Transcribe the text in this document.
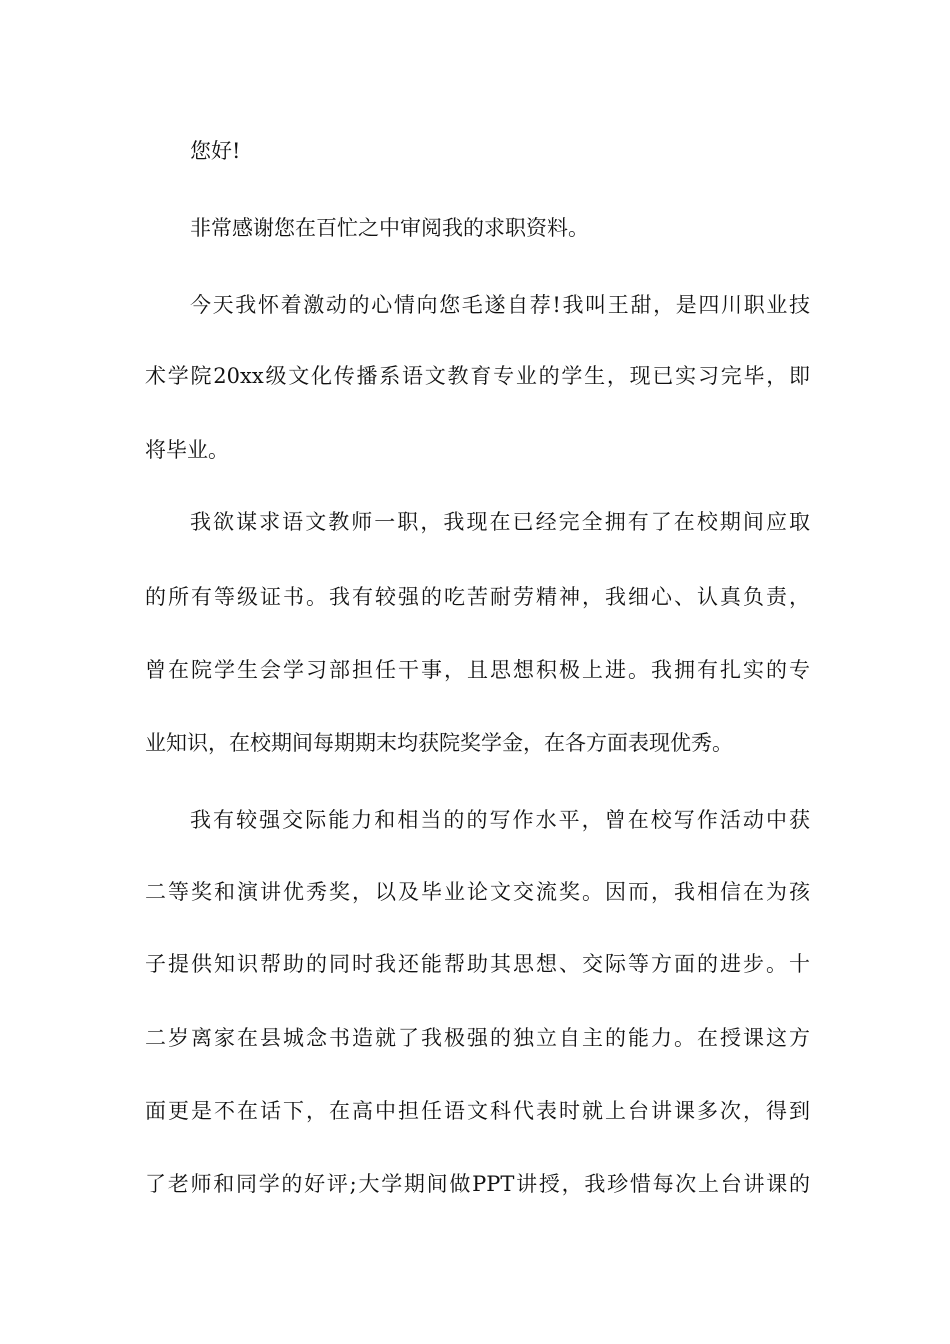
您好!
非常感谢您在百忙之中审阅我的求职资料。
今天我怀着激动的心情向您毛遂自荐!我叫王甜，是四川职业技
术学院20xx级文化传播系语文教育专业的学生，现已实习完毕，即
将毕业。
我欲谋求语文教师一职，我现在已经完全拥有了在校期间应取
的所有等级证书。我有较强的吃苦耐劳精神，我细心、认真负责，
曾在院学生会学习部担任干事，且思想积极上进。我拥有扎实的专
业知识，在校期间每期期末均获院奖学金，在各方面表现优秀。
我有较强交际能力和相当的的写作水平，曾在校写作活动中获
二等奖和演讲优秀奖，以及毕业论文交流奖。因而，我相信在为孩
子提供知识帮助的同时我还能帮助其思想、交际等方面的进步。十
二岁离家在县城念书造就了我极强的独立自主的能力。在授课这方
面更是不在话下，在高中担任语文科代表时就上台讲课多次，得到
了老师和同学的好评;大学期间做PPT讲授，我珍惜每次上台讲课的
